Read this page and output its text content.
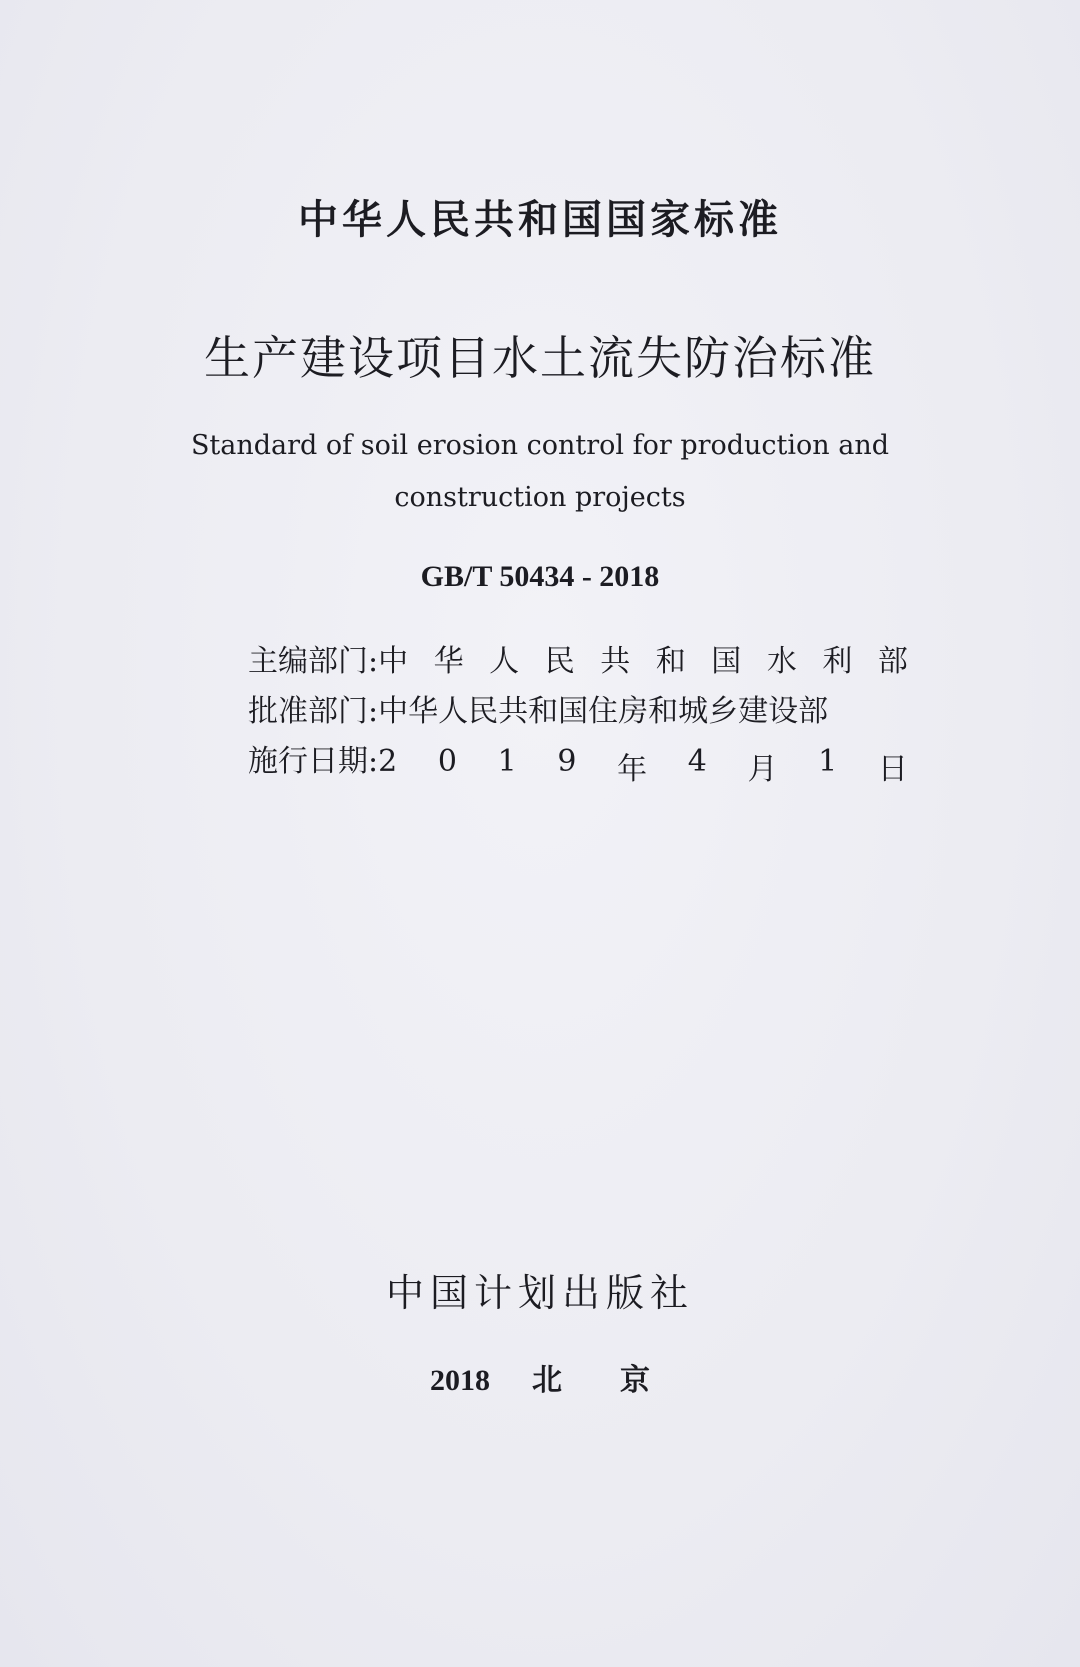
中华人民共和国国家标准
生产建设项目水土流失防治标准
Standard of soil erosion control for production and
construction projects
GB/T 50434 - 2018
主编部门: 中 华 人 民 共 和 国 水 利 部
批准部门: 中华人民共和国住房和城乡建设部
施行日期: 2 0 1 9 年 4 月 1 日
中国计划出版社
2018 北 京
